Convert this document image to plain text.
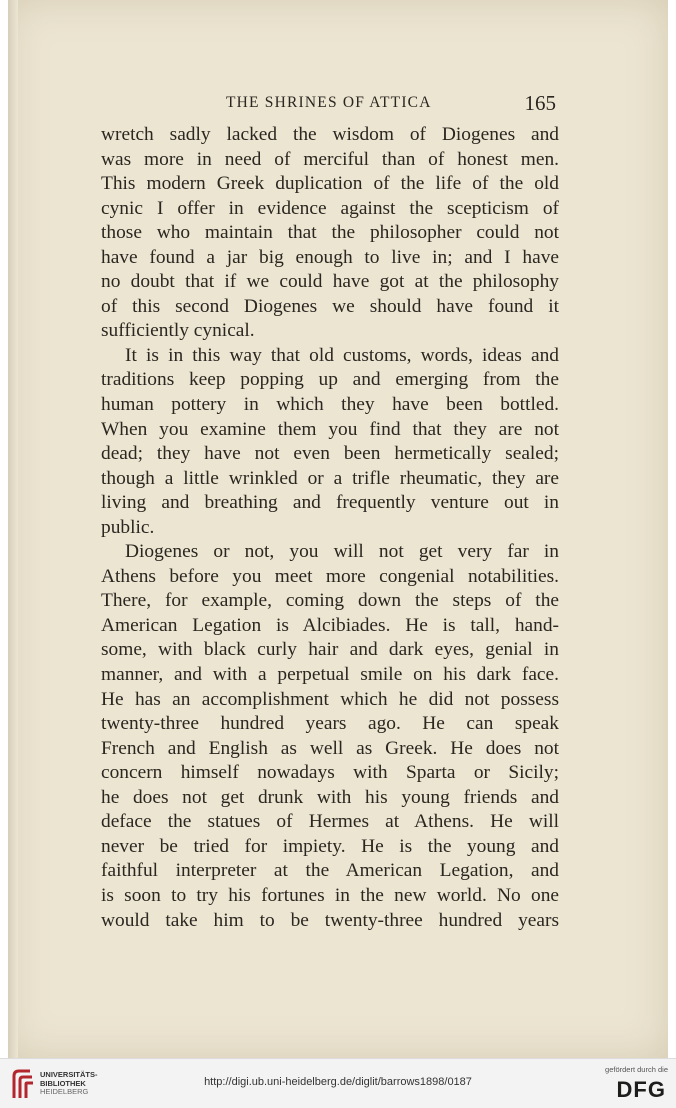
THE SHRINES OF ATTICA	165
wretch sadly lacked the wisdom of Diogenes and
was more in need of merciful than of honest men.
This modern Greek duplication of the life of the old
cynic I offer in evidence against the scepticism of
those who maintain that the philosopher could not
have found a jar big enough to live in; and I have
no doubt that if we could have got at the philosophy
of this second Diogenes we should have found it
sufficiently cynical.
It is in this way that old customs, words, ideas and
traditions keep popping up and emerging from the
human pottery in which they have been bottled.
When you examine them you find that they are not
dead; they have not even been hermetically sealed;
though a little wrinkled or a trifle rheumatic, they are
living and breathing and frequently venture out in
public.
Diogenes or not, you will not get very far in
Athens before you meet more congenial notabilities.
There, for example, coming down the steps of the
American Legation is Alcibiades. He is tall, hand-
some, with black curly hair and dark eyes, genial in
manner, and with a perpetual smile on his dark face.
He has an accomplishment which he did not possess
twenty-three hundred years ago. He can speak
French and English as well as Greek. He does not
concern himself nowadays with Sparta or Sicily;
he does not get drunk with his young friends and
deface the statues of Hermes at Athens. He will
never be tried for impiety. He is the young and
faithful interpreter at the American Legation, and
is soon to try his fortunes in the new world. No one
would take him to be twenty-three hundred years
UNIVERSITÄTS-
BIBLIOTHEK
HEIDELBERG
http://digi.ub.uni-heidelberg.de/diglit/barrows1898/0187
gefördert durch die
DFG
